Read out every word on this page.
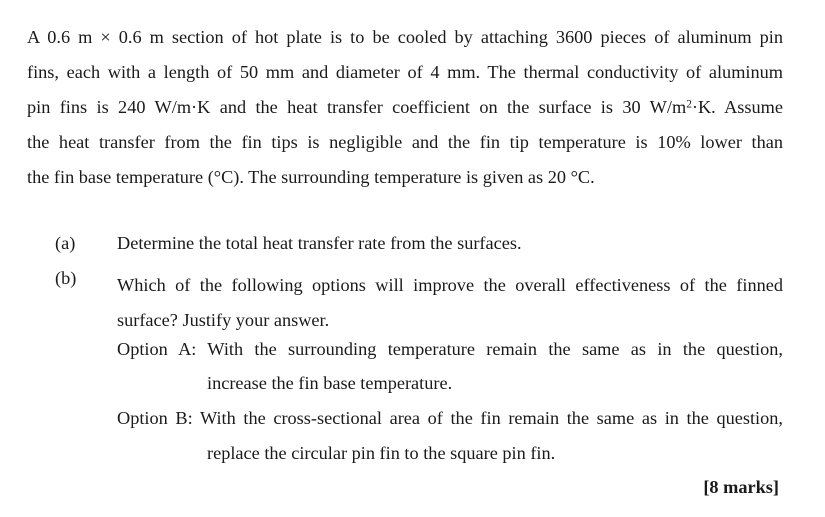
A 0.6 m × 0.6 m section of hot plate is to be cooled by attaching 3600 pieces of aluminum pin
fins, each with a length of 50 mm and diameter of 4 mm. The thermal conductivity of aluminum
pin fins is 240 W/m·K and the heat transfer coefficient on the surface is 30 $W/m^2\cdot K$. Assume
the heat transfer from the fin tips is negligible and the fin tip temperature is 10% lower than
the fin base temperature (°C). The surrounding temperature is given as 20 °C.
(a) Determine the total heat transfer rate from the surfaces.
(b) Which of the following options will improve the overall effectiveness of the finned
surface? Justify your answer.
Option A: With the surrounding temperature remain the same as in the question,
increase the fin base temperature.
Option B: With the cross-sectional area of the fin remain the same as in the question,
replace the circular pin fin to the square pin fin.
[8 marks]
